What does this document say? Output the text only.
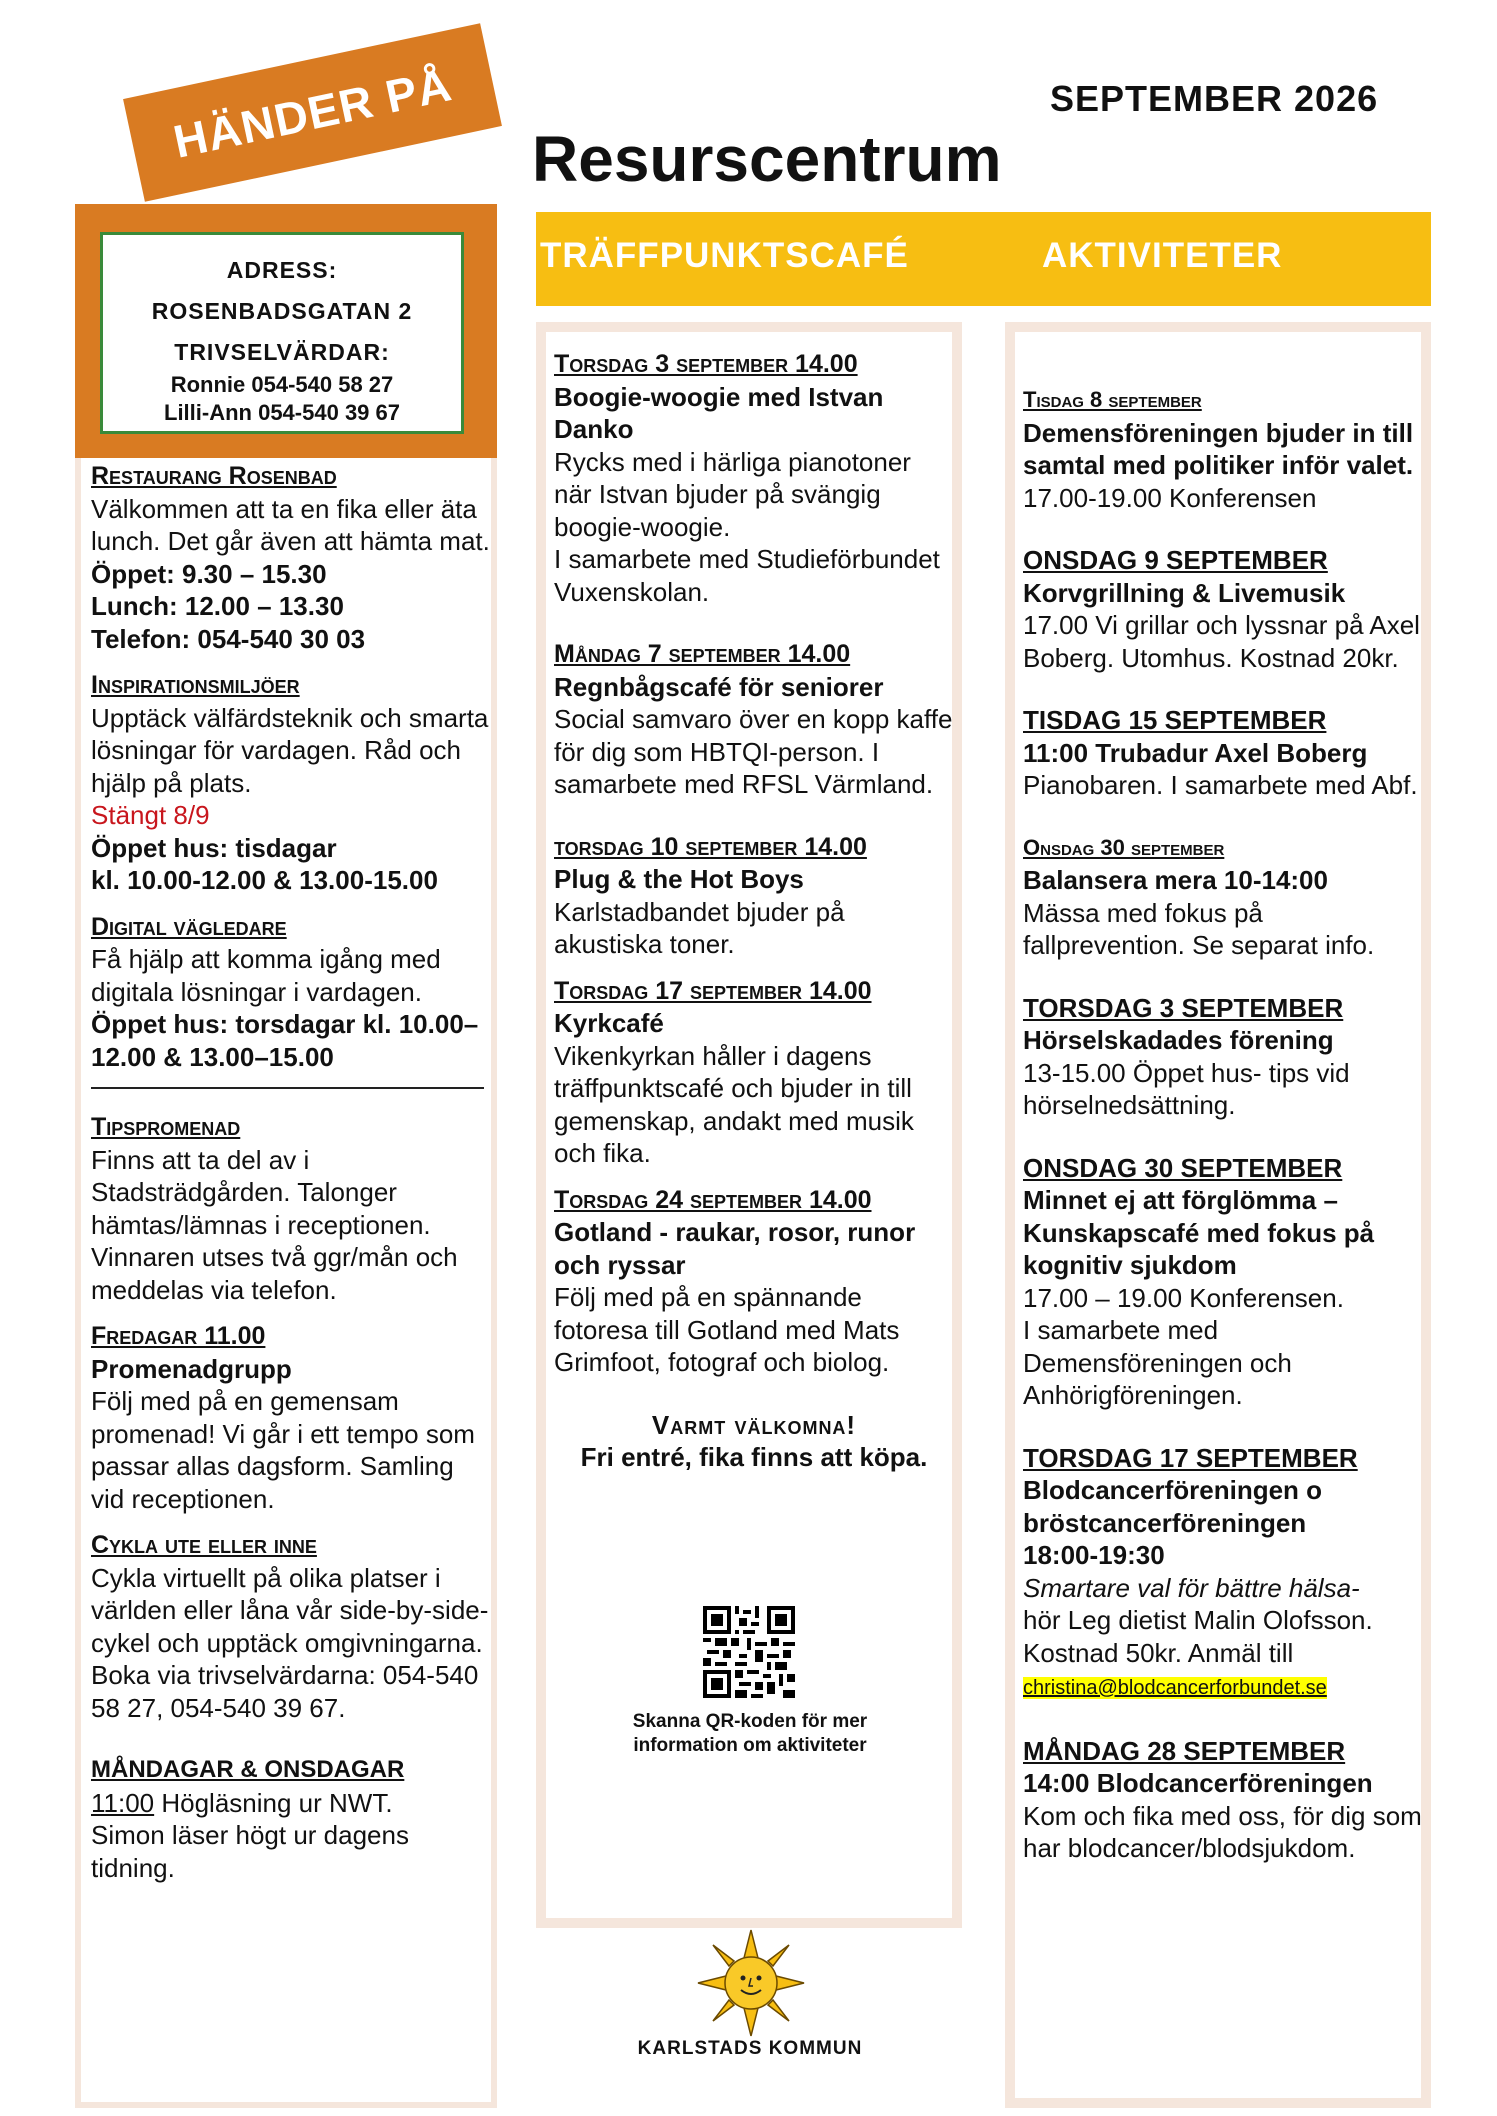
HÄNDER PÅ	SEPTEMBER 2026
Resurscentrum
TRÄFFPUNKTSCAFÉ	AKTIVITETER
ADRESS:
ROSENBADSGATAN 2
TRIVSELVÄRDAR:
Ronnie 054-540 58 27
Lilli-Ann 054-540 39 67
Restaurang Rosenbad
Välkommen att ta en fika eller äta lunch. Det går även att hämta mat.
Öppet: 9.30 – 15.30
Lunch: 12.00 – 13.30
Telefon: 054-540 30 03
Inspirationsmiljöer
Upptäck välfärdsteknik och smarta lösningar för vardagen. Råd och hjälp på plats.
Stängt 8/9
Öppet hus: tisdagar
kl. 10.00-12.00 & 13.00-15.00
Digital vägledare
Få hjälp att komma igång med digitala lösningar i vardagen.
Öppet hus: torsdagar kl. 10.00–12.00 & 13.00–15.00
Tipspromenad
Finns att ta del av i Stadsträdgården. Talonger hämtas/lämnas i receptionen. Vinnaren utses två ggr/mån och meddelas via telefon.
Fredagar 11.00
Promenadgrupp
Följ med på en gemensam promenad! Vi går i ett tempo som passar allas dagsform. Samling vid receptionen.
Cykla ute eller inne
Cykla virtuellt på olika platser i världen eller låna vår side-by-side-cykel och upptäck omgivningarna.
Boka via trivselvärdarna: 054-540 58 27, 054-540 39 67.
MÅNDAGAR & ONSDAGAR
11:00 Högläsning ur NWT.
Simon läser högt ur dagens tidning.
Torsdag 3 september 14.00
Boogie-woogie med Istvan Danko
Rycks med i härliga pianotoner när Istvan bjuder på svängig boogie-woogie.
I samarbete med Studieförbundet Vuxenskolan.
Måndag 7 september 14.00
Regnbågscafé för seniorer
Social samvaro över en kopp kaffe för dig som HBTQI-person. I samarbete med RFSL Värmland.
torsdag 10 september 14.00
Plug & the Hot Boys
Karlstadbandet bjuder på akustiska toner.
Torsdag 17 september 14.00
Kyrkcafé
Vikenkyrkan håller i dagens träffpunktscafé och bjuder in till gemenskap, andakt med musik och fika.
Torsdag 24 september 14.00
Gotland - raukar, rosor, runor och ryssar
Följ med på en spännande fotoresa till Gotland med Mats Grimfoot, fotograf och biolog.
Varmt välkomna!
Fri entré, fika finns att köpa.
Skanna QR-koden för mer information om aktiviteter
KARLSTADS KOMMUN
Tisdag 8 september
Demensföreningen bjuder in till samtal med politiker inför valet.
17.00-19.00 Konferensen
ONSDAG 9 SEPTEMBER
Korvgrillning & Livemusik
17.00 Vi grillar och lyssnar på Axel Boberg. Utomhus. Kostnad 20kr.
TISDAG 15 SEPTEMBER
11:00 Trubadur Axel Boberg
Pianobaren. I samarbete med Abf.
Onsdag 30 september
Balansera mera 10-14:00
Mässa med fokus på fallprevention. Se separat info.
TORSDAG 3 SEPTEMBER
Hörselskadades förening
13-15.00 Öppet hus- tips vid hörselnedsättning.
ONSDAG 30 SEPTEMBER
Minnet ej att förglömma – Kunskapscafé med fokus på kognitiv sjukdom
17.00 – 19.00 Konferensen.
I samarbete med Demensföreningen och Anhörigföreningen.
TORSDAG 17 SEPTEMBER
Blodcancerföreningen o bröstcancerföreningen
18:00-19:30
Smartare val för bättre hälsa-
hör Leg dietist Malin Olofsson. Kostnad 50kr. Anmäl till
christina@blodcancerforbundet.se
MÅNDAG 28 SEPTEMBER
14:00 Blodcancerföreningen
Kom och fika med oss, för dig som har blodcancer/blodsjukdom.
